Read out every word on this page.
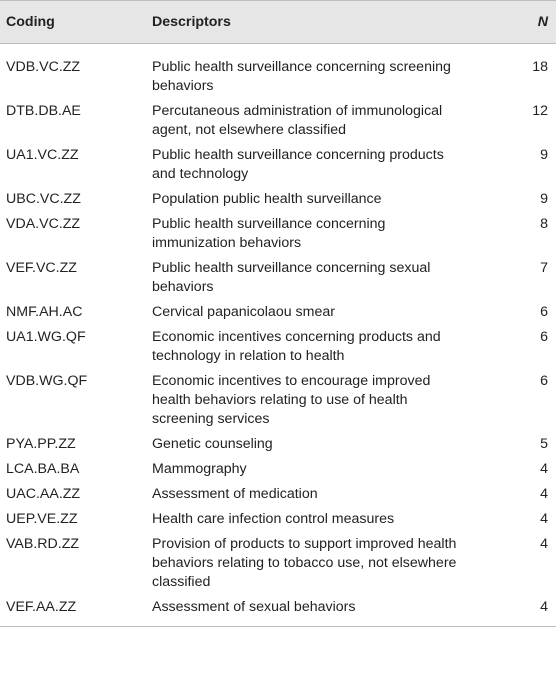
Coding	Descriptors	N
VDB.VC.ZZ	Public health surveillance concerning screening behaviors	18
DTB.DB.AE	Percutaneous administration of immunological agent, not elsewhere classified	12
UA1.VC.ZZ	Public health surveillance concerning products and technology	9
UBC.VC.ZZ	Population public health surveillance	9
VDA.VC.ZZ	Public health surveillance concerning immunization behaviors	8
VEF.VC.ZZ	Public health surveillance concerning sexual behaviors	7
NMF.AH.AC	Cervical papanicolaou smear	6
UA1.WG.QF	Economic incentives concerning products and technology in relation to health	6
VDB.WG.QF	Economic incentives to encourage improved health behaviors relating to use of health screening services	6
PYA.PP.ZZ	Genetic counseling	5
LCA.BA.BA	Mammography	4
UAC.AA.ZZ	Assessment of medication	4
UEP.VE.ZZ	Health care infection control measures	4
VAB.RD.ZZ	Provision of products to support improved health behaviors relating to tobacco use, not elsewhere classified	4
VEF.AA.ZZ	Assessment of sexual behaviors	4
